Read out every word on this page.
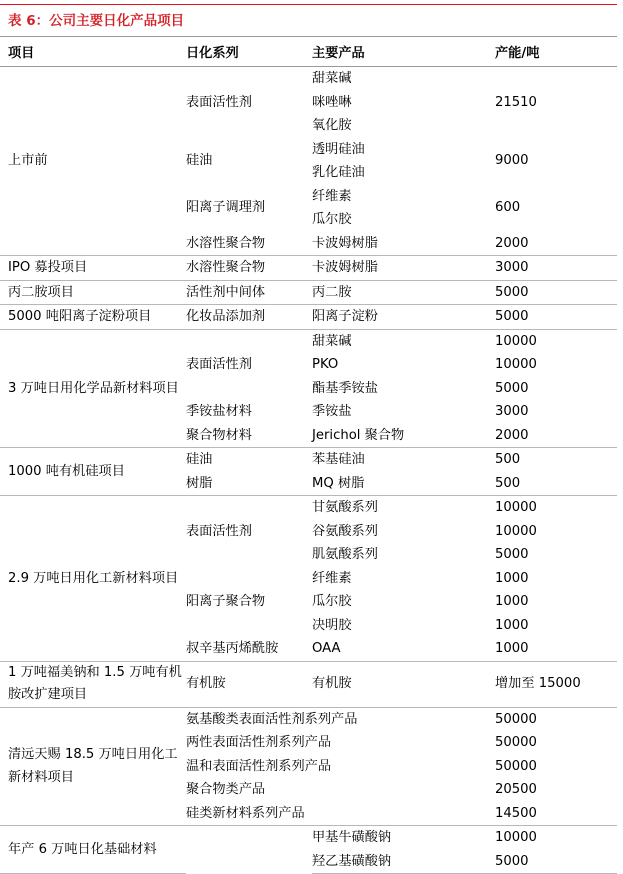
表 6：公司主要日化产品项目
项目	日化系列	主要产品	产能/吨
上市前	表面活性剂	甜菜碱	21510
		咪唑啉	
		氧化胺	
	硅油	透明硅油	9000
		乳化硅油	
	阳离子调理剂	纤维素	600
		瓜尔胶	
	水溶性聚合物	卡波姆树脂	2000
IPO 募投项目	水溶性聚合物	卡波姆树脂	3000
丙二胺项目	活性剂中间体	丙二胺	5000
5000 吨阳离子淀粉项目	化妆品添加剂	阳离子淀粉	5000
3 万吨日用化学品新材料项目	表面活性剂	甜菜碱	10000
		PKO	10000
		酯基季铵盐	5000
	季铵盐材料	季铵盐	3000
	聚合物材料	Jerichol 聚合物	2000
1000 吨有机硅项目	硅油	苯基硅油	500
	树脂	MQ 树脂	500
2.9 万吨日用化工新材料项目	表面活性剂	甘氨酸系列	10000
		谷氨酸系列	10000
		肌氨酸系列	5000
	阳离子聚合物	纤维素	1000
		瓜尔胶	1000
		决明胶	1000
	叔辛基丙烯酰胺	OAA	1000
1 万吨福美钠和 1.5 万吨有机胺改扩建项目	有机胺	有机胺	增加至 15000
清远天赐 18.5 万吨日用化工新材料项目	氨基酸类表面活性剂系列产品		50000
	两性表面活性剂系列产品		50000
	温和表面活性剂系列产品		50000
	聚合物类产品		20500
	硅类新材料系列产品		14500
年产 6 万吨日化基础材料		甲基牛磺酸钠	10000
		羟乙基磺酸钠	5000
